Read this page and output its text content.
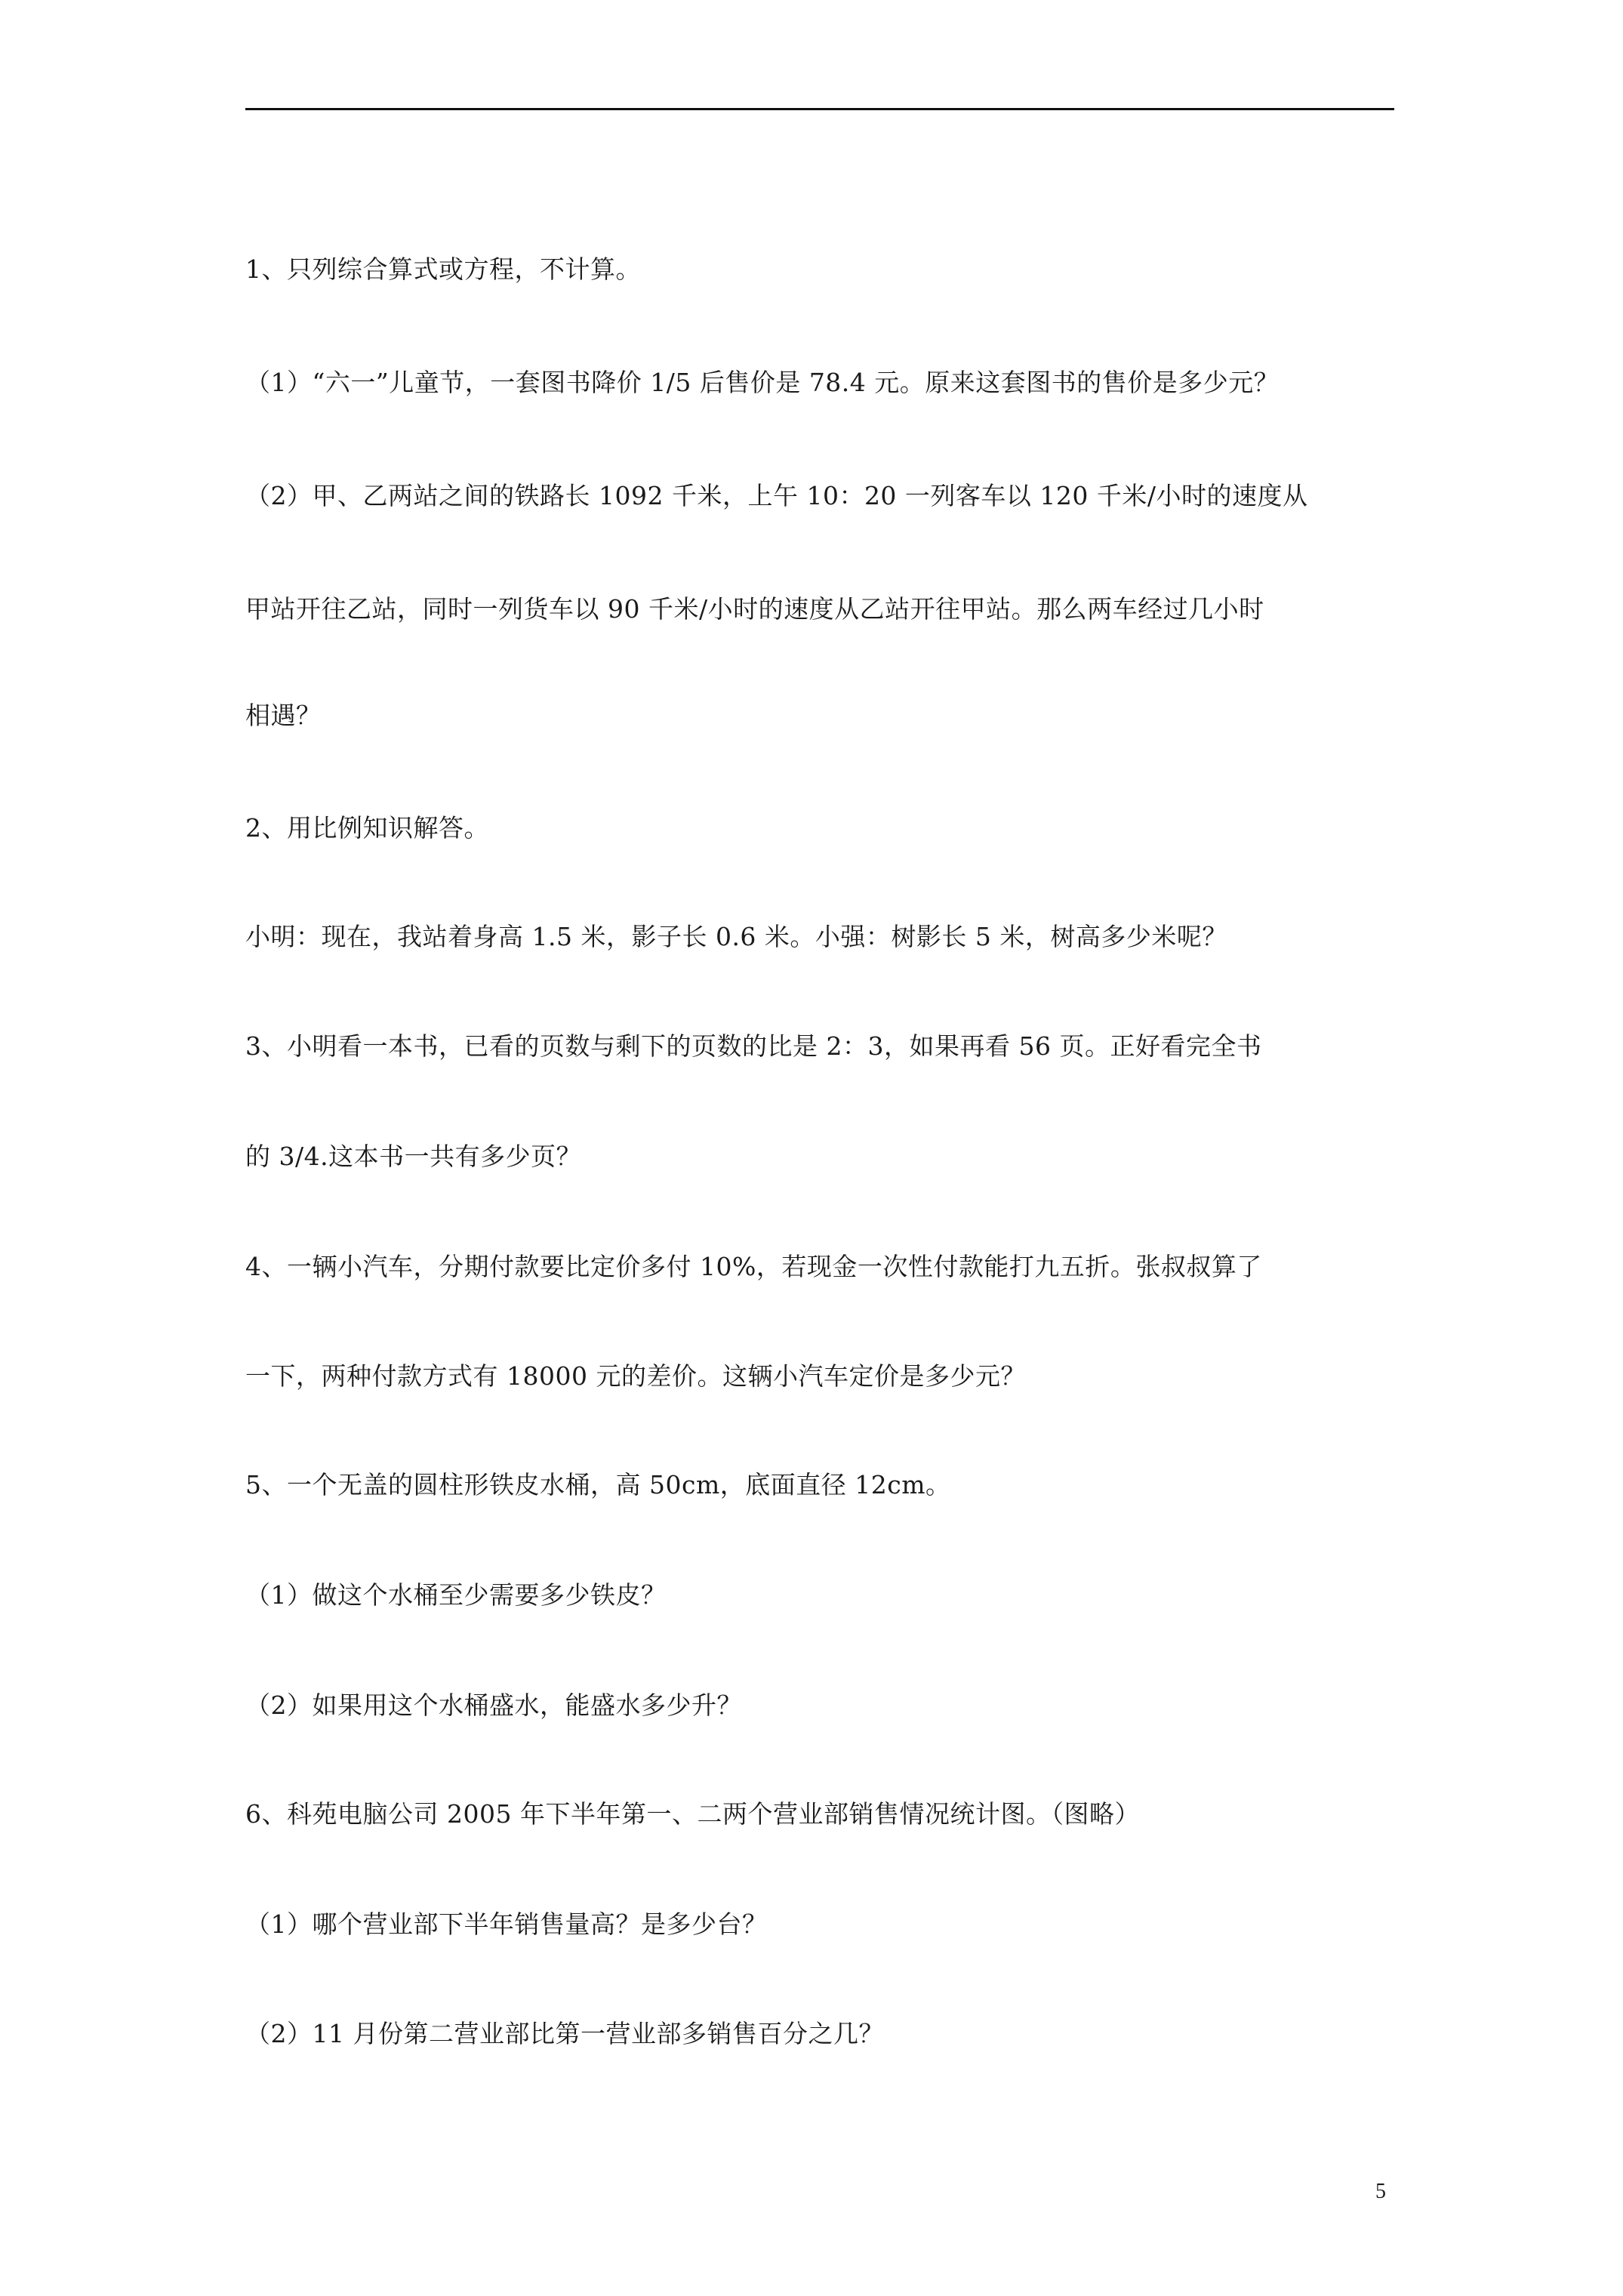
1、只列综合算式或方程，不计算。
（1）“六一”儿童节，一套图书降价 1/5 后售价是 78.4 元。原来这套图书的售价是多少元？
（2）甲、乙两站之间的铁路长 1092 千米，上午 10：20 一列客车以 120 千米/小时的速度从
甲站开往乙站，同时一列货车以 90 千米/小时的速度从乙站开往甲站。那么两车经过几小时
相遇？
2、用比例知识解答。
小明：现在，我站着身高 1.5 米，影子长 0.6 米。小强：树影长 5 米，树高多少米呢？
3、小明看一本书，已看的页数与剩下的页数的比是 2：3，如果再看 56 页。正好看完全书
的 3/4.这本书一共有多少页？
4、一辆小汽车，分期付款要比定价多付 10%，若现金一次性付款能打九五折。张叔叔算了
一下，两种付款方式有 18000 元的差价。这辆小汽车定价是多少元？
5、一个无盖的圆柱形铁皮水桶，高 50cm，底面直径 12cm。
（1）做这个水桶至少需要多少铁皮？
（2）如果用这个水桶盛水，能盛水多少升？
6、科苑电脑公司 2005 年下半年第一、二两个营业部销售情况统计图。（图略）
（1）哪个营业部下半年销售量高？是多少台？
（2）11 月份第二营业部比第一营业部多销售百分之几？
5
